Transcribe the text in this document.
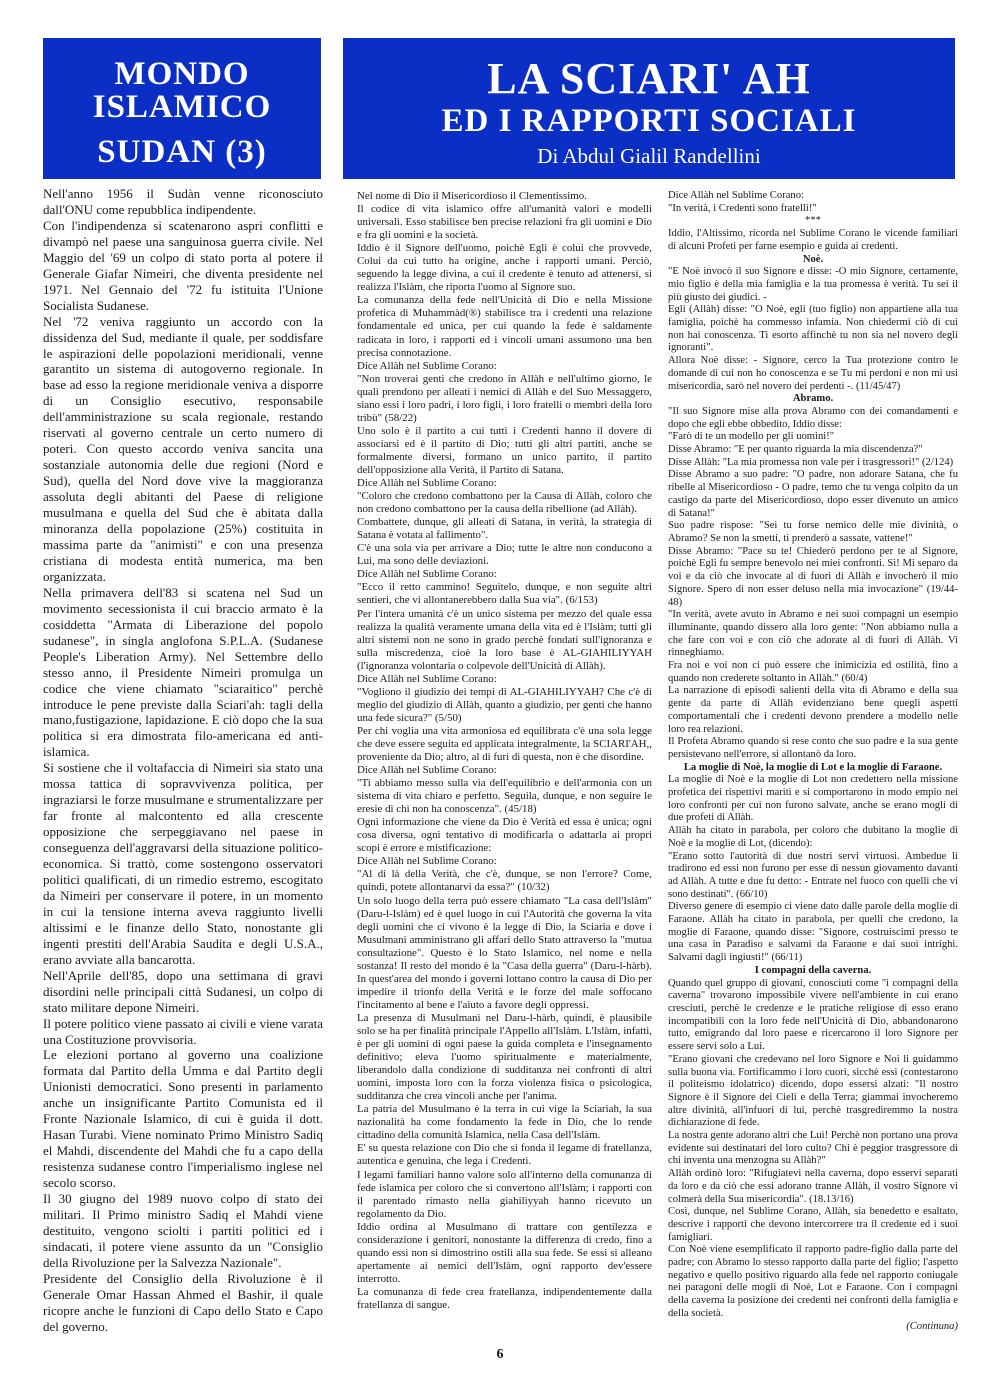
MONDO
ISLAMICO
SUDAN (3)
LA SCIARI' AH
ED I RAPPORTI SOCIALI
Di Abdul Gialil Randellini

Nell'anno 1956 il Sudàn venne riconosciuto dall'ONU come repubblica indipendente.

Con l'indipendenza si scatenarono aspri conflitti e divampò nel paese una sanguinosa guerra civile. Nel Maggio del '69 un colpo di stato porta al potere il Generale Giafar Nimeiri, che diventa presidente nel 1971. Nel Gennaio del '72 fu istituita l'Unione Socialista Sudanese.

Nel '72 veniva raggiunto un accordo con la dissidenza del Sud, mediante il quale, per soddisfare le aspirazioni delle popolazioni meridionali, venne garantito un sistema di autogoverno regionale. In base ad esso la regione meridionale veniva a disporre di un Consiglio esecutivo, responsabile dell'amministrazione su scala regionale, restando riservati al governo centrale un certo numero di poteri. Con questo accordo veniva sancita una sostanziale autonomia delle due regioni (Nord e Sud), quella del Nord dove vive la maggioranza assoluta degli abitanti del Paese di religione musulmana e quella del Sud che è abitata dalla minoranza della popolazione (25%) costituita in massima parte da "animisti" e con una presenza cristiana di modesta entità numerica, ma ben organizzata.

Nella primavera dell'83 si scatena nel Sud un movimento secessionista il cui braccio armato è la cosiddetta "Armata di Liberazione del popolo sudanese", in singla anglofona S.P.L.A. (Sudanese People's Liberation Army). Nel Settembre dello stesso anno, il Presidente Nimeiri promulga un codice che viene chiamato "sciaraitico" perchè introduce le pene previste dalla Sciari'ah: tagli della mano,fustigazione, lapidazione. E ciò dopo che la sua politica si era dimostrata filo-americana ed anti-islamica.

Si sostiene che il voltafaccia di Nimeiri sia stato una mossa tattica di sopravvivenza politica, per ingraziarsi le forze musulmane e strumentalizzare per far fronte al malcontento ed alla crescente opposizione che serpeggiavano nel paese in conseguenza dell'aggravarsi della situazione politico-economica. Si trattò, come sostengono osservatori politici qualificati, di un rimedio estremo, escogitato da Nimeiri per conservare il potere, in un momento in cui la tensione interna aveva raggiunto livelli altissimi e le finanze dello Stato, nonostante gli ingenti prestiti dell'Arabia Saudita e degli U.S.A., erano avviate alla bancarotta.

Nell'Aprile dell'85, dopo una settimana di gravi disordini nelle principali città Sudanesi, un colpo di stato militare depone Nimeiri.

Il potere politico viene passato ai civili e viene varata una Costituzione provvisoria.

Le elezioni portano al governo una coalizione formata dal Partito della Umma e dal Partito degli Unionisti democratici. Sono presenti in parlamento anche un insignificante Partito Comunista ed il Fronte Nazionale Islamico, di cui è guida il dott. Hasan Turabi. Viene nominato Primo Ministro Sadiq el Mahdi, discendente del Mahdi che fu a capo della resistenza sudanese contro l'imperialismo inglese nel secolo scorso.

Il 30 giugno del 1989 nuovo colpo di stato dei militari. Il Primo ministro Sadiq el Mahdi viene destituito, vengono sciolti i partiti politici ed i sindacati, il potere viene assunto da un "Consiglio della Rivoluzione per la Salvezza Nazionale".

Presidente del Consiglio della Rivoluzione è il Generale Omar Hassan Ahmed el Bashir, il quale ricopre anche le funzioni di Capo dello Stato e Capo del governo.

Nel nome di Dio il Misericordioso il Clementissimo.

Il codice di vita islamico offre all'umanità valori e modelli universali. Esso stabilisce ben precise relazioni fra gli uomini e Dio e fra gli uomini e la società.

Iddio è il Signore dell'uomo, poichè Egli è colui che provvede, Colui da cui tutto ha origine, anche i rapporti umani. Perciò, seguendo la legge divina, a cui il credente è tenuto ad attenersi, si realizza l'Islàm, che riporta l'uomo al Signore suo.

La comunanza della fede nell'Unicità di Dio e nella Missione profetica di Muhammàd(®) stabilisce tra i credenti una relazione fondamentale ed unica, per cui quando la fede è saldamente radicata in loro, i rapporti ed i vincoli umani assumono una ben precisa connotazione.

Dice Allàh nel Sublime Corano:

"Non troverai genti che credono in Allàh e nell'ultimo giorno, le quali prendono per alleati i nemici di Allàh e del Suo Messaggero, siano essi i loro padri, i loro figli, i loro fratelli o membri della loro tribù" (58/22)

Uno solo è il partito a cui tutti i Credenti hanno il dovere di associarsi ed è il partito di Dio; tutti gli altri partiti, anche se formalmente diversi, formano un unico partito, il partito dell'opposizione alla Verità, il Partito di Satana.

Dice Allàh nel Sublime Corano:

"Coloro che credono combattono per la Causa di Allàh, coloro che non credono combattono per la causa della ribellione (ad Allàh).

Combattete, dunque, gli alleati di Satana, in verità, la strategia di Satana è votata al fallimento".

C'è una sola via per arrivare a Dio; tutte le altre non conducono a Lui, ma sono delle deviazioni.

Dice Allàh nel Sublime Corano:

"Ecco il retto cammino! Seguitelo, dunque, e non seguite altri sentieri, che vi allontanerebbero dalla Sua via". (6/153)

Per l'intera umanità c'è un unico sistema per mezzo del quale essa realizza la qualità veramente umana della vita ed è l'Islàm; tutti gli altri sistemi non ne sono in grado perchè fondati sull'ignoranza e sulla miscredenza, cioè la loro base è AL-GIAHILIYYAH (l'ignoranza volontaria o colpevole dell'Unicità di Allàh).

Dice Allàh nel Sublime Corano:

"Vogliono il giudizio dei tempi di AL-GIAHILIYYAH? Che c'è di meglio del giudizio di Allàh, quanto a giudizio, per genti che hanno una fede sicura?" (5/50)

Per chi voglia una vita armoniosa ed equilibrata c'è una sola legge che deve essere seguita ed applicata integralmente, la SCIARI'AH,, proveniente da Dio; altro, al di furi di questa, non è che disordine.

Dice Allàh nel Sublime Corano:

"Ti abbiamo messo sulla via dell'equilibrio e dell'armonia con un sistema di vita chiaro e perfetto. Seguila, dunque, e non seguire le eresie di chi non ha conoscenza". (45/18)

Ogni informazione che viene da Dio è Verità ed essa è unica; ogni cosa diversa, ogni tentativo di modificarla o adattarla ai propri scopi è errore e mistificazione:

Dice Allàh nel Sublime Corano:

"Al di là della Verità, che c'è, dunque, se non l'errore? Come, quindi, potete allontanarvi da essa?" (10/32)

Un solo luogo della terra può essere chiamato "La casa dell'Islàm" (Daru-l-Islàm) ed è quel luogo in cui l'Autorità che governa la vita degli uomini che ci vivono è la legge di Dio, la Sciaria e dove i Musulmani amministrano gli affari dello Stato attraverso la "mutua consultazione". Questo è lo Stato Islamico, nel nome e nella sostanza! Il resto del mondo è la "Casa della guerra" (Daru-l-hàrb). In quest'area del mondo i governi lottano contro la causa di Dio per impedire il trionfo della Verità e le forze del male soffocano l'incitamento al bene e l'aiuto a favore degli oppressi.

La presenza di Musulmani nel Daru-l-hàrb, quindi, è plausibile solo se ha per finalità principale l'Appello all'Islàm. L'Islàm, infatti, è per gli uomini di ogni paese la guida completa e l'insegnamento definitivo; eleva l'uomo spiritualmente e materialmente, liberandolo dalla condizione di sudditanza nei confronti di altri uomini, imposta loro con la forza violenza fisica o psicologica, sudditanza che crea vincoli anche per l'anima.

La patria del Musulmano è la terra in cui vige la Sciariah, la sua nazionalità ha come fondamento la fede in Dio, che lo rende cittadino della comunità Islamica, nella Casa dell'Islàm.

E' su questa relazione con Dio che si fonda il legame di fratellanza, autentica e genuina, che lega i Credenti.

I legami familiari hanno valore solo all'interno della comunanza di fede islamica per coloro che si convertono all'Islàm; i rapporti con il parentado rimasto nella giahiliyyah hanno ricevuto un regolamento da Dio.

Iddio ordina al Musulmano di trattare con gentilezza e considerazione i genitori, nonostante la differenza di credo, fino a quando essi non si dimostrino ostili alla sua fede. Se essi si alleano apertamente ai nemici dell'Islàm, ogni rapporto dev'essere interrotto.

La comunanza di fede crea fratellanza, indipendentemente dalla fratellanza di sangue.

Dice Allàh nel Sublime Corano:

"In verità, i Credenti sono fratelli!"

***

Iddio, l'Altissimo, ricorda nel Sublime Corano le vicende familiari di alcuni Profeti per farne esempio e guida ai credenti.

Noè.

"E Noè invocò il suo Signore e disse: -O mio Signore, certamente, mio figlio è della mia famiglia e la tua promessa è verità. Tu sei il più giusto dei giudici. -

Egli (Allàh) disse: "O Noè, egli (tuo figlio) non appartiene alla tua famiglia, poichè ha commesso infamia. Non chiedermi ciò di cui non hai conoscenza. Ti esorto affinchè tu non sia nel novero degli ignoranti".

Allora Noè disse: - Signore, cerco la Tua protezione contro le domande di cui non ho conoscenza e se Tu mi perdoni e non mi usi misericordia, sarò nel novero dei perdenti -. (11/45/47)

Abramo.

"Il suo Signore mise alla prova Abramo con dei comandamenti e dopo che egli ebbe obbedito, Iddio disse:

"Farò di te un modello per gli uomini!"

Disse Abramo: "E per quanto riguarda la mia discendenza?"

Disse Allàh: "La mia promessa non vale per i trasgressori!" (2/124)

Disse Abramo a suo padre: "O padre, non adorare Satana, che fu ribelle al Misericordioso - O padre, temo che tu venga colpito da un castigo da parte del Misericordioso, dopo esser divenuto un amico di Satana!"

Suo padre rispose: "Sei tu forse nemico delle mie divinità, o Abramo? Se non la smetti, ti prenderò a sassate, vattene!"

Disse Abramo: "Pace su te! Chiederò perdono per te al Signore, poichè Egli fu sempre benevolo nei miei confronti. Sì! Mi separo da voi e da ciò che invocate al di fuori di Allàh e invocherò il mio Signore. Spero di non esser deluso nella mia invocazione" (19/44-48)

"In verità, avete avuto in Abramo e nei suoi compagni un esempio illuminante, quando dissero alla loro gente: "Non abbiamo nulla a che fare con voi e con ciò che adorate al di fuori di Allàh. Vi rinneghiamo.

Fra noi e voi non ci può essere che inimicizia ed ostilità, fino a quando non crederete soltanto in Allàh." (60/4)

La narrazione di episodi salienti della vita di Abramo e della sua gente da parte di Allàh evidenziano bene quegli aspetti comportamentali che i credenti devono prendere a modello nelle loro rea relazioni.

Il Profeta Abramo quando si rese conto che suo padre e la sua gente persistevano nell'errore, si allontanò da loro.

La moglie di Noè, la moglie di Lot e la moglie di Faraone.

La moglie di Noè e la moglie di Lot non credettero nella missione profetica dei rispettivi mariti e si comportarono in modo empio nei loro confronti per cui non furono salvate, anche se erano mogli di due profeti di Allàh.

Allàh ha citato in parabola, per coloro che dubitano la moglie di Noè e la moglie di Lot, (dicendo):

"Erano sotto l'autorità di due nostri servi virtuosi. Ambedue li tradirono ed essi non furono per esse di nessun giovamento davanti ad Allàh. A tutte e due fu detto: - Entrate nel fuoco con quelli che vi sono destinati". (66/10)

Diverso genere di esempio ci viene dato dalle parole della moglie di Faraone. Allàh ha citato in parabola, per quelli che credono, la moglie di Faraone, quando disse: "Signore, costruiscimi presso te una casa in Paradiso e salvami da Faraone e dai suoi intrighi. Salvami dagli ingiusti!" (66/11)

I compagni della caverna.

Quando quel gruppo di giovani, conosciuti come "i compagni della caverna" trovarono impossibile vivere nell'ambiente in cui erano cresciuti, perchè le credenze e le pratiche religiose di esso erano incompatibili con la loro fede nell'Unicità di Dio, abbandonarono tutto, emigrando dal loro paese e ricercarono il loro Signore per essere servi solo a Lui.

"Erano giovani che credevano nel loro Signore e Noi li guidammo sulla buona via. Fortificammo i loro cuori, sicchè essi (contestarono il politeismo idolatrico) dicendo, dopo essersi alzati: "Il nostro Signore è il Signore dei Cieli e della Terra; giammai invocheremo altre divinità, all'infuori di lui, perchè trasgrediremmo la nostra dichiarazione di fede.

La nostra gente adorano altri che Lui! Perchè non portano una prova evidente sui destinatari del loro culto? Chi è peggior trasgressore di chi inventa una menzogna su Allàh?"

Allàh ordinò loro: "Rifugiatevi nella caverna, dopo esservi separati da loro e da ciò che essi adorano tranne Allàh, il vostro Signore vi colmerà della Sua misericordia". (18.13/16)

Così, dunque, nel Sublime Corano, Allàh, sia benedetto e esaltato, descrive i rapporti che devono intercorrere tra il credente ed i suoi famigliari.

Con Noè viene esemplificato il rapporto padre-figlio dalla parte del padre; con Abramo lo stesso rapporto dalla parte del figlio; l'aspetto negativo e quello positivo riguardo alla fede nel rapporto coniugale nei paragoni delle mogli di Noè, Lot e Faraone. Con i compagni della caverna la posizione dei credenti nei confronti della famiglia e della società.

(Continuna)

6
